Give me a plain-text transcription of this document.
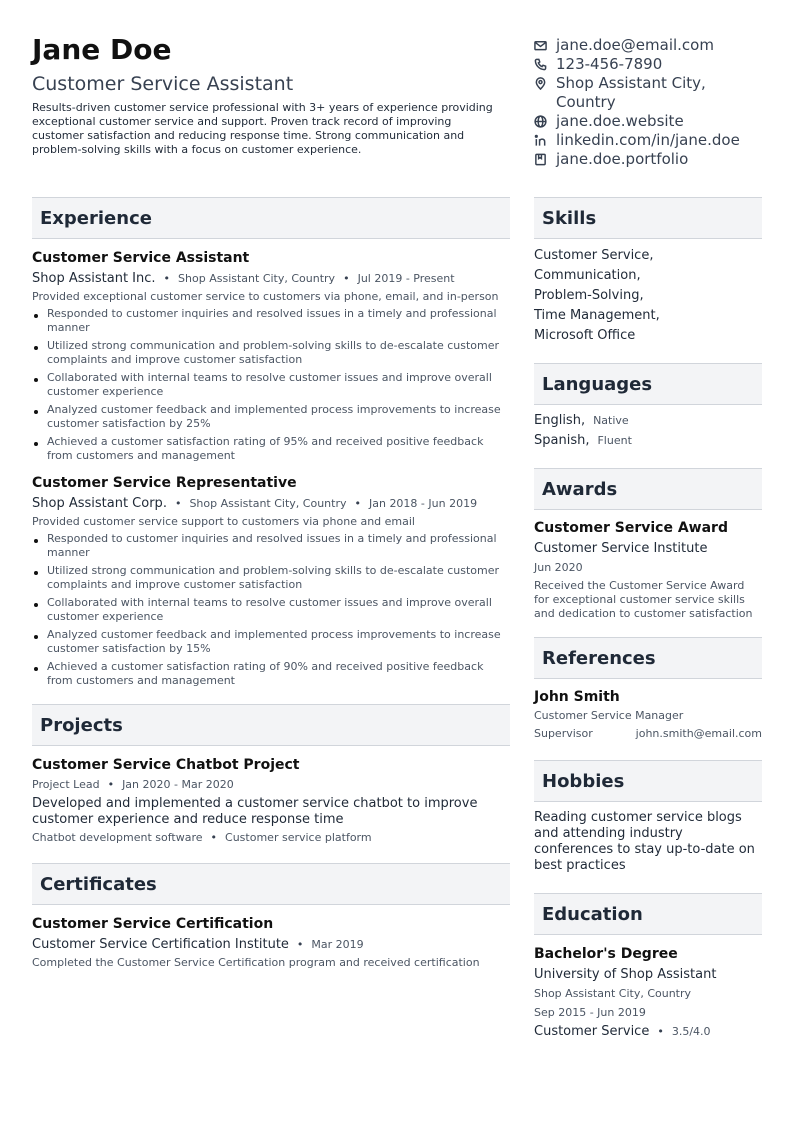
Jane Doe
Customer Service Assistant
Results-driven customer service professional with 3+ years of experience providing exceptional customer service and support. Proven track record of improving customer satisfaction and reducing response time. Strong communication and problem-solving skills with a focus on customer experience.
jane.doe@email.com
123-456-7890
Shop Assistant City, Country
jane.doe.website
linkedin.com/in/jane.doe
jane.doe.portfolio
Experience
Customer Service Assistant
Shop Assistant Inc. • Shop Assistant City, Country • Jul 2019 - Present
Provided exceptional customer service to customers via phone, email, and in-person
Responded to customer inquiries and resolved issues in a timely and professional manner
Utilized strong communication and problem-solving skills to de-escalate customer complaints and improve customer satisfaction
Collaborated with internal teams to resolve customer issues and improve overall customer experience
Analyzed customer feedback and implemented process improvements to increase customer satisfaction by 25%
Achieved a customer satisfaction rating of 95% and received positive feedback from customers and management
Customer Service Representative
Shop Assistant Corp. • Shop Assistant City, Country • Jan 2018 - Jun 2019
Provided customer service support to customers via phone and email
Responded to customer inquiries and resolved issues in a timely and professional manner
Utilized strong communication and problem-solving skills to de-escalate customer complaints and improve customer satisfaction
Collaborated with internal teams to resolve customer issues and improve overall customer experience
Analyzed customer feedback and implemented process improvements to increase customer satisfaction by 15%
Achieved a customer satisfaction rating of 90% and received positive feedback from customers and management
Projects
Customer Service Chatbot Project
Project Lead • Jan 2020 - Mar 2020
Developed and implemented a customer service chatbot to improve customer experience and reduce response time
Chatbot development software • Customer service platform
Certificates
Customer Service Certification
Customer Service Certification Institute • Mar 2019
Completed the Customer Service Certification program and received certification
Skills
Customer Service,
Communication,
Problem-Solving,
Time Management,
Microsoft Office
Languages
English, Native
Spanish, Fluent
Awards
Customer Service Award
Customer Service Institute
Jun 2020
Received the Customer Service Award for exceptional customer service skills and dedication to customer satisfaction
References
John Smith
Customer Service Manager
Supervisor	john.smith@email.com
Hobbies
Reading customer service blogs and attending industry conferences to stay up-to-date on best practices
Education
Bachelor's Degree
University of Shop Assistant
Shop Assistant City, Country
Sep 2015 - Jun 2019
Customer Service • 3.5/4.0
